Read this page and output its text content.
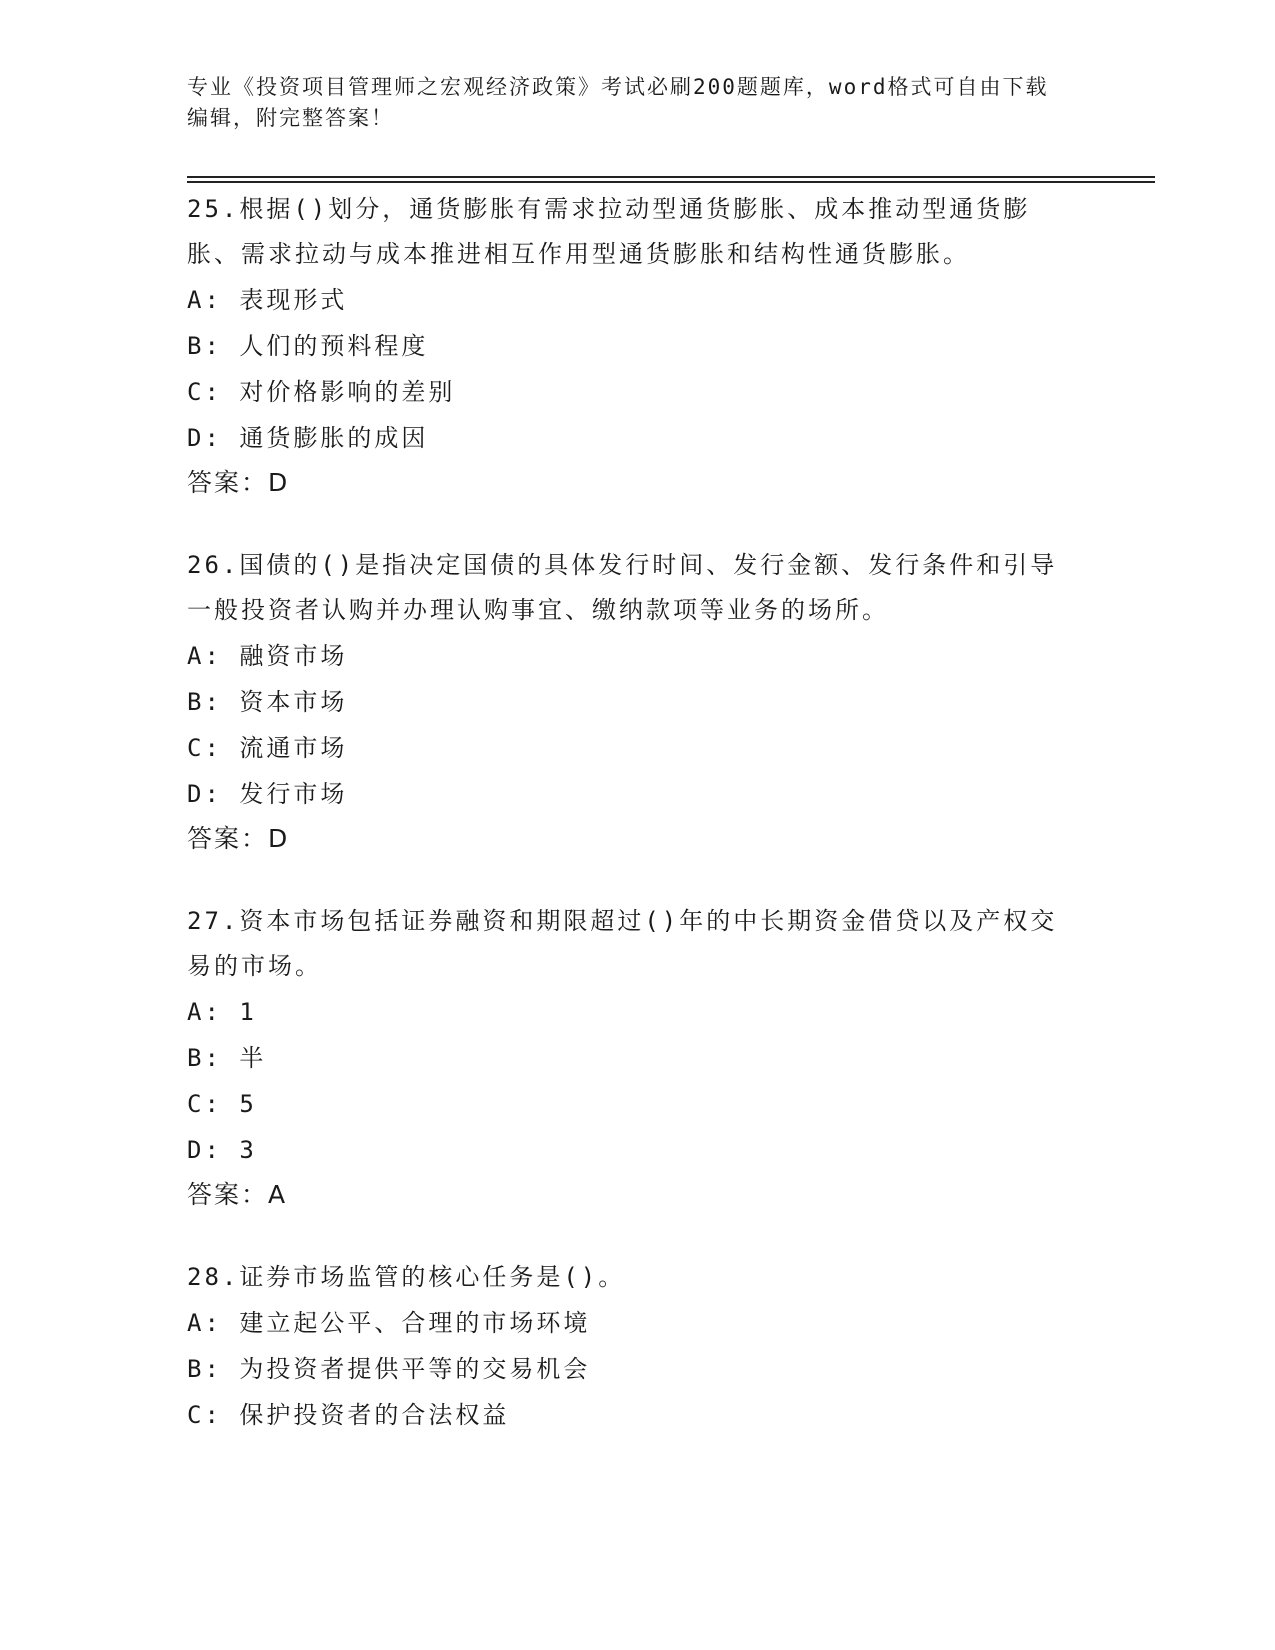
专业《投资项目管理师之宏观经济政策》考试必刷200题题库，word格式可自由下载编辑，附完整答案！
25.根据()划分，通货膨胀有需求拉动型通货膨胀、成本推动型通货膨胀、需求拉动与成本推进相互作用型通货膨胀和结构性通货膨胀。
A: 表现形式
B: 人们的预料程度
C: 对价格影响的差别
D: 通货膨胀的成因
答案：D
26.国债的()是指决定国债的具体发行时间、发行金额、发行条件和引导一般投资者认购并办理认购事宜、缴纳款项等业务的场所。
A: 融资市场
B: 资本市场
C: 流通市场
D: 发行市场
答案：D
27.资本市场包括证券融资和期限超过()年的中长期资金借贷以及产权交易的市场。
A: 1
B: 半
C: 5
D: 3
答案：A
28.证券市场监管的核心任务是()。
A: 建立起公平、合理的市场环境
B: 为投资者提供平等的交易机会
C: 保护投资者的合法权益
